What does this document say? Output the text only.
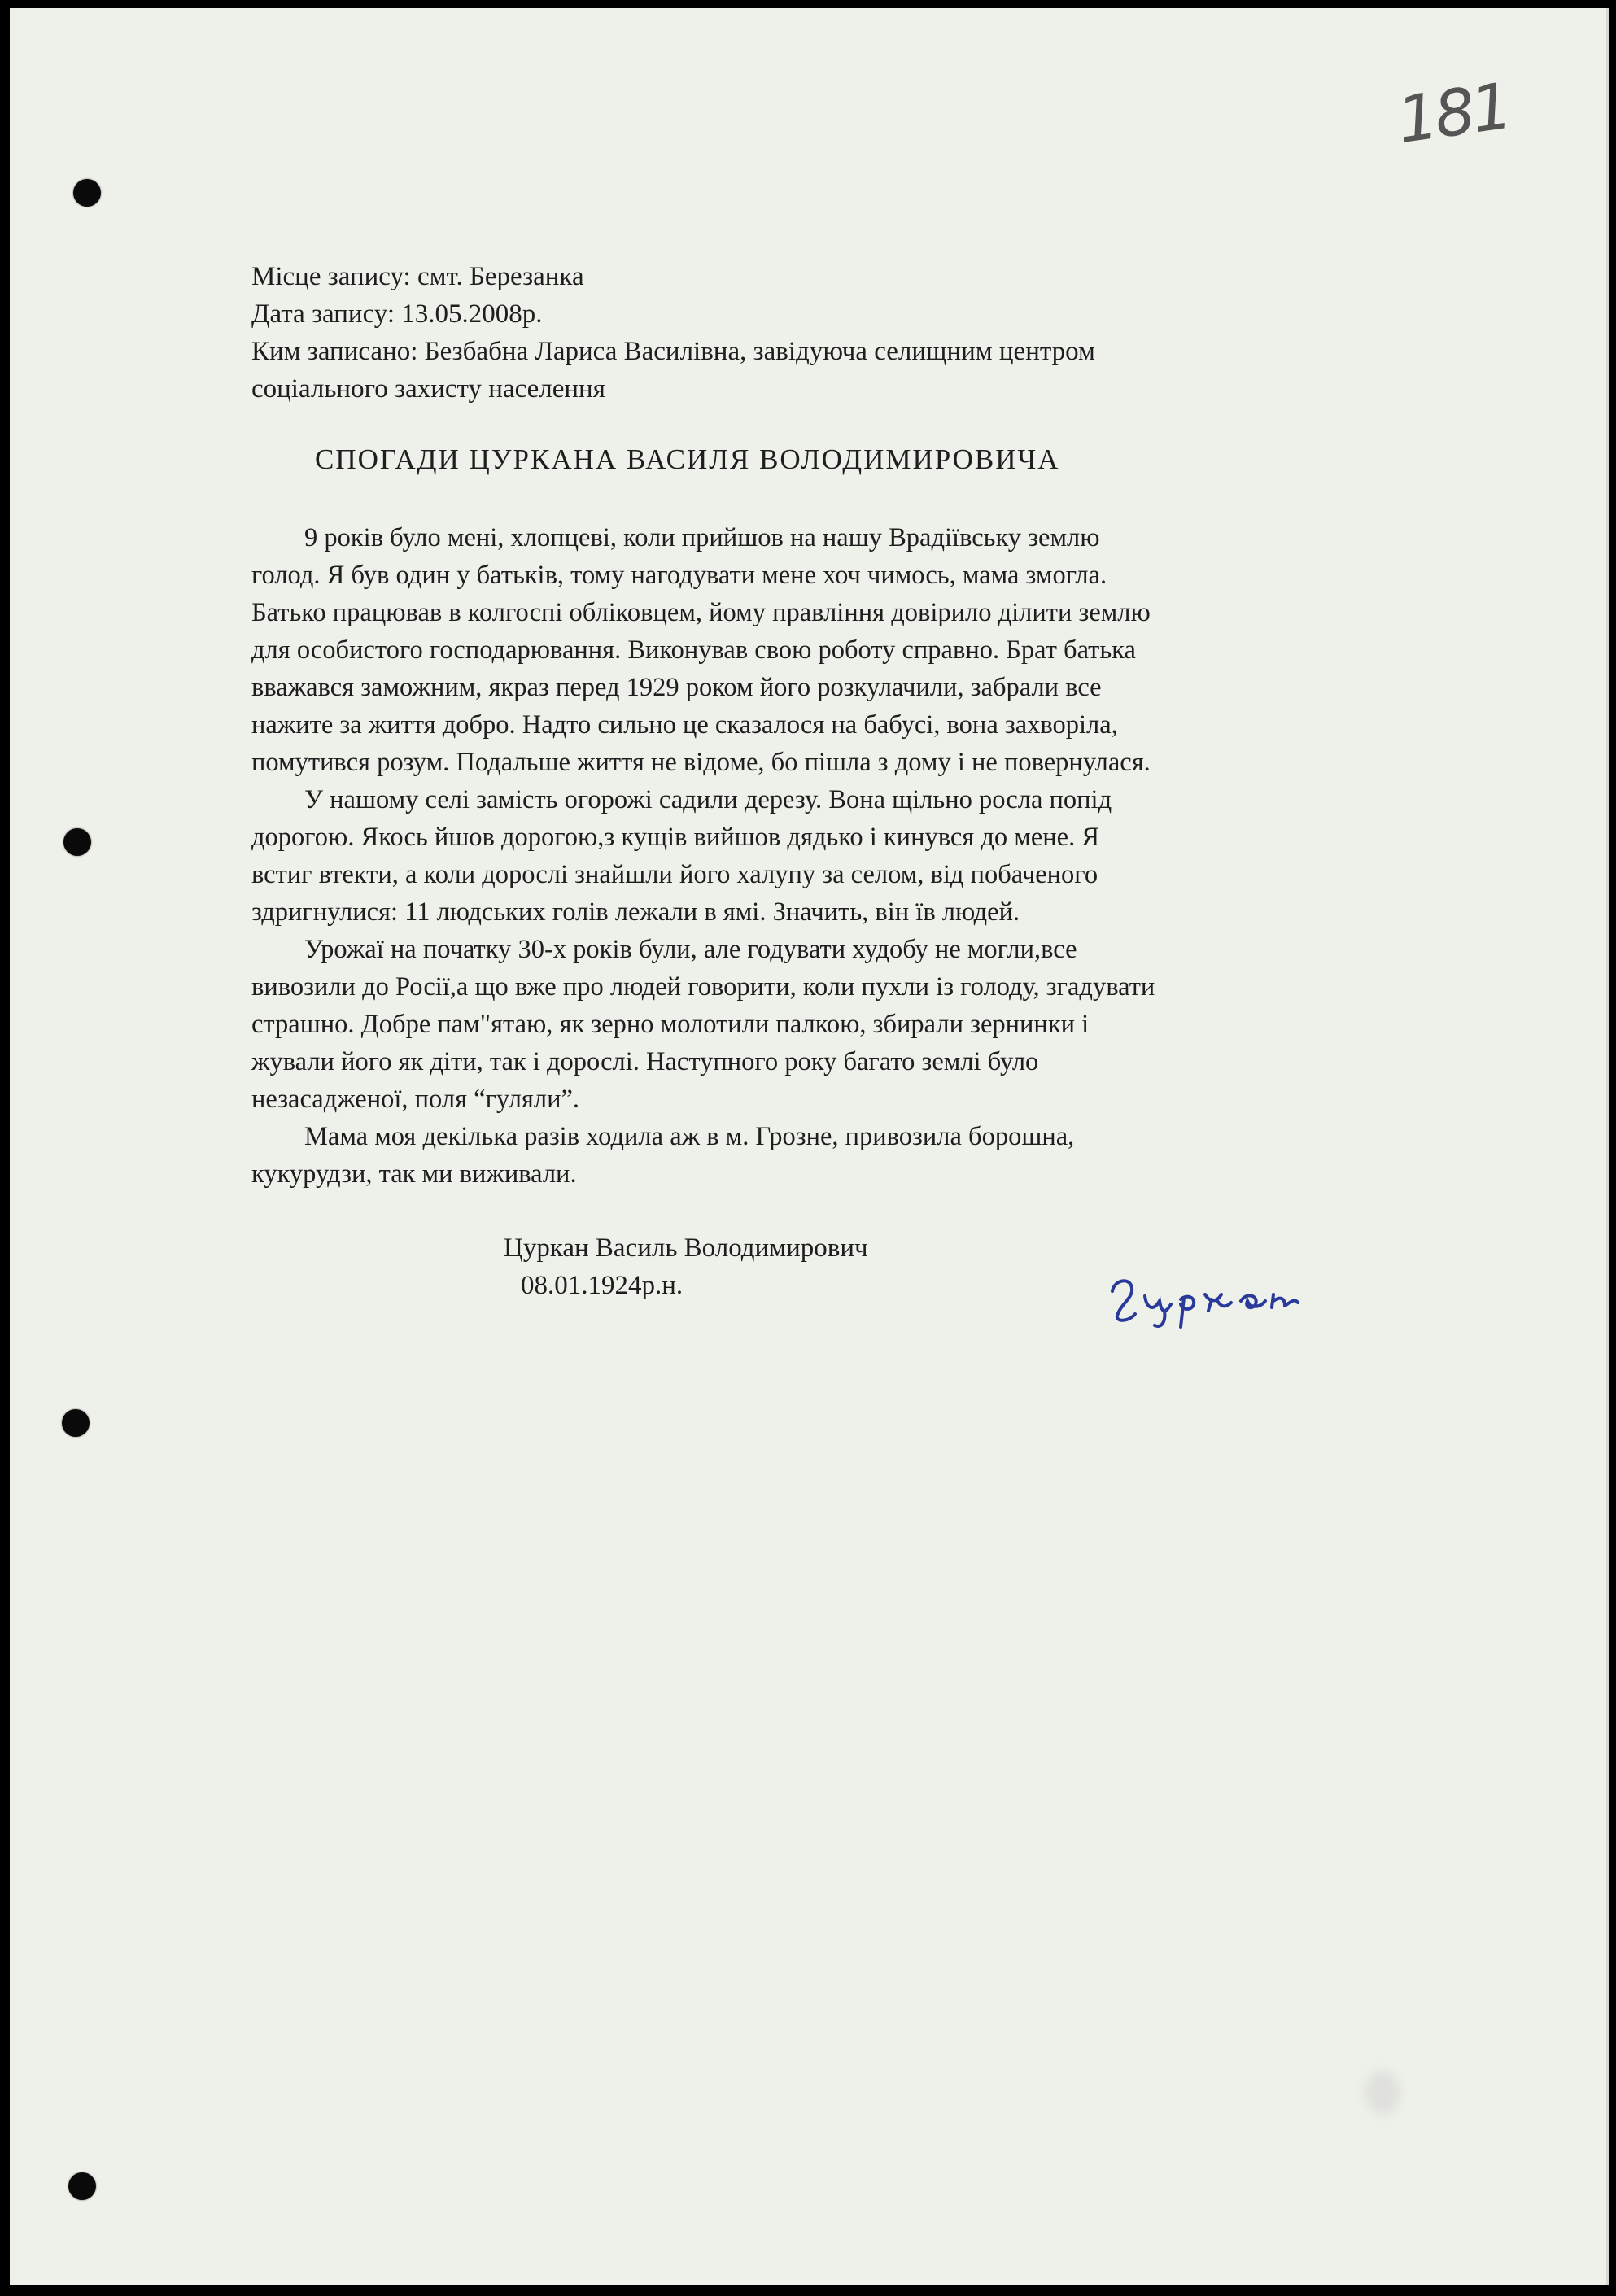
181
Місце запису: смт. Березанка
Дата запису: 13.05.2008р.
Ким записано: Безбабна Лариса Василівна, завідуюча селищним центром
соціального захисту населення
СПОГАДИ ЦУРКАНА ВАСИЛЯ ВОЛОДИМИРОВИЧА
9 років було мені, хлопцеві, коли прийшов на нашу Врадіївську землю
голод. Я був один у батьків, тому нагодувати мене хоч чимось, мама змогла.
Батько працював в колгоспі обліковцем, йому правління довірило ділити землю
для особистого господарювання. Виконував свою роботу справно. Брат батька
вважався заможним, якраз перед 1929 роком його розкулачили, забрали все
нажите за життя добро. Надто сильно це сказалося на бабусі, вона захворіла,
помутився розум. Подальше життя не відоме, бо пішла з дому і не повернулася.
У нашому селі замість огорожі садили дерезу. Вона щільно росла попід
дорогою. Якось йшов дорогою,з кущів вийшов дядько і кинувся до мене. Я
встиг втекти, а коли дорослі знайшли його халупу за селом, від побаченого
здригнулися: 11 людських голів лежали в ямі. Значить, він їв людей.
Урожаї на початку 30-х років були, але годувати худобу не могли,все
вивозили до Росії,а що вже про людей говорити, коли пухли із голоду, згадувати
страшно. Добре пам"ятаю, як зерно молотили палкою, збирали зернинки і
жували його як діти, так і дорослі. Наступного року багато землі було
незасадженої, поля “гуляли”.
Мама моя декілька разів ходила аж в м. Грозне, привозила борошна,
кукурудзи, так ми виживали.
Цуркан Василь Володимирович
08.01.1924р.н.
